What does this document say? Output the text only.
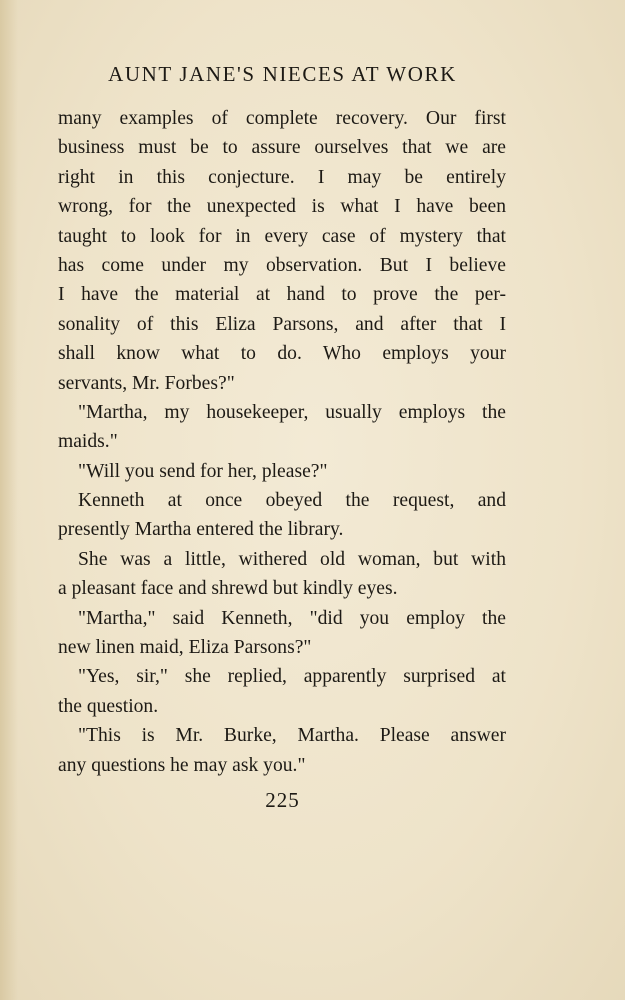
AUNT JANE'S NIECES AT WORK
many examples of complete recovery. Our first
business must be to assure ourselves that we are
right in this conjecture. I may be entirely
wrong, for the unexpected is what I have been
taught to look for in every case of mystery that
has come under my observation. But I believe
I have the material at hand to prove the per-
sonality of this Eliza Parsons, and after that I
shall know what to do. Who employs your
servants, Mr. Forbes?"
"Martha, my housekeeper, usually employs the
maids."
"Will you send for her, please?"
Kenneth at once obeyed the request, and
presently Martha entered the library.
She was a little, withered old woman, but with
a pleasant face and shrewd but kindly eyes.
"Martha," said Kenneth, "did you employ the
new linen maid, Eliza Parsons?"
"Yes, sir," she replied, apparently surprised at
the question.
"This is Mr. Burke, Martha. Please answer
any questions he may ask you."
225
